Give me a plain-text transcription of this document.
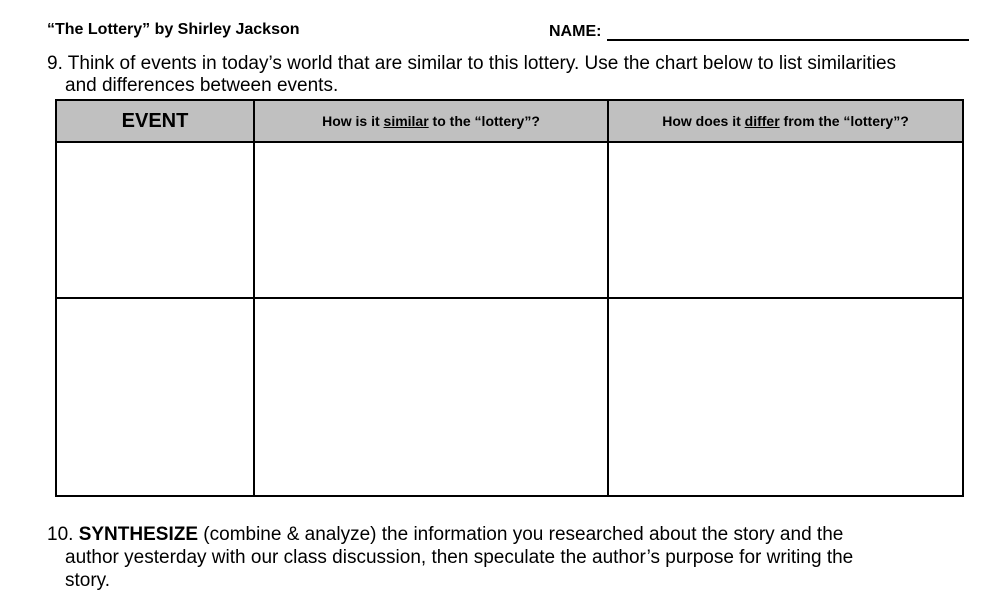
“The Lottery” by Shirley Jackson	NAME:
9. Think of events in today’s world that are similar to this lottery. Use the chart below to list similarities
and differences between events.
EVENT	How is it similar to the “lottery”?	How does it differ from the “lottery”?

10. SYNTHESIZE (combine & analyze) the information you researched about the story and the
author yesterday with our class discussion, then speculate the author’s purpose for writing the
story.
